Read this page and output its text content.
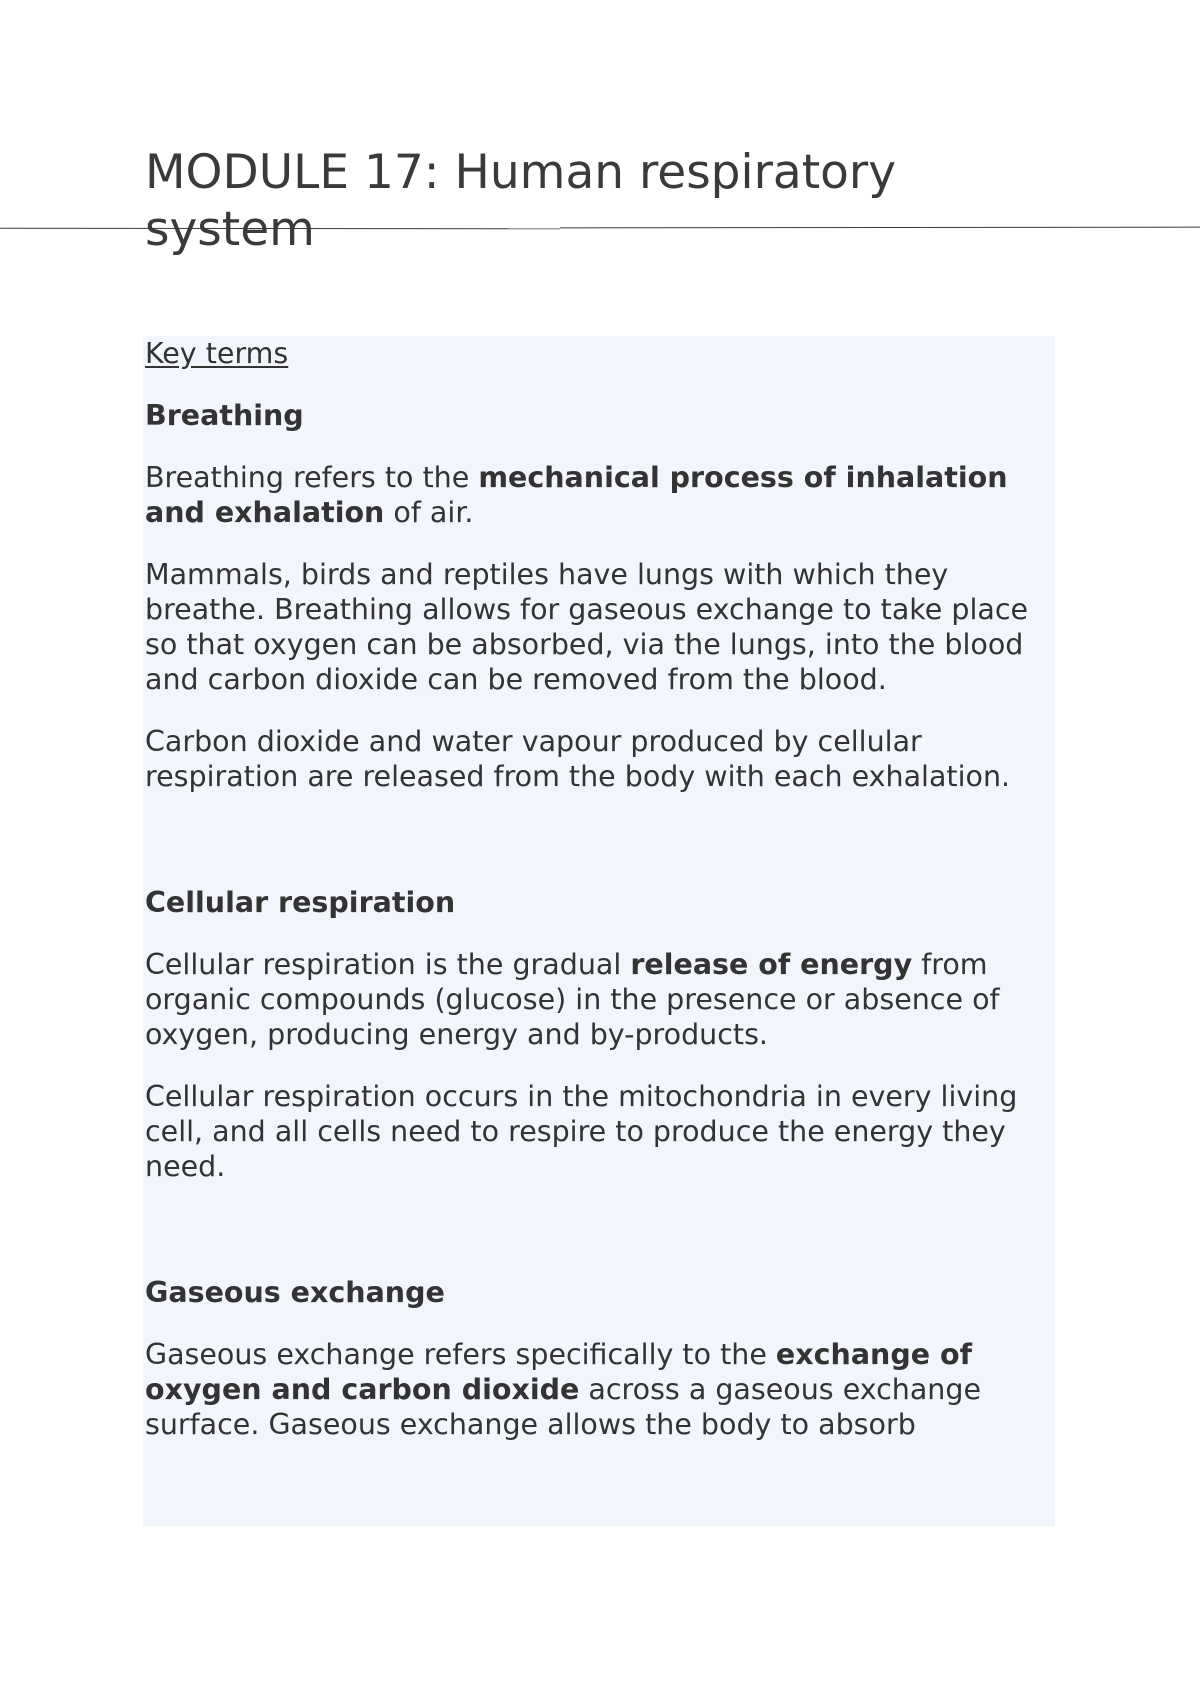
MODULE 17: Human respiratory system

Key terms

Breathing

Breathing refers to the mechanical process of inhalation and exhalation of air.

Mammals, birds and reptiles have lungs with which they breathe. Breathing allows for gaseous exchange to take place so that oxygen can be absorbed, via the lungs, into the blood and carbon dioxide can be removed from the blood.

Carbon dioxide and water vapour produced by cellular respiration are released from the body with each exhalation.

Cellular respiration

Cellular respiration is the gradual release of energy from organic compounds (glucose) in the presence or absence of oxygen, producing energy and by-products.

Cellular respiration occurs in the mitochondria in every living cell, and all cells need to respire to produce the energy they need.

Gaseous exchange

Gaseous exchange refers specifically to the exchange of oxygen and carbon dioxide across a gaseous exchange surface. Gaseous exchange allows the body to absorb
